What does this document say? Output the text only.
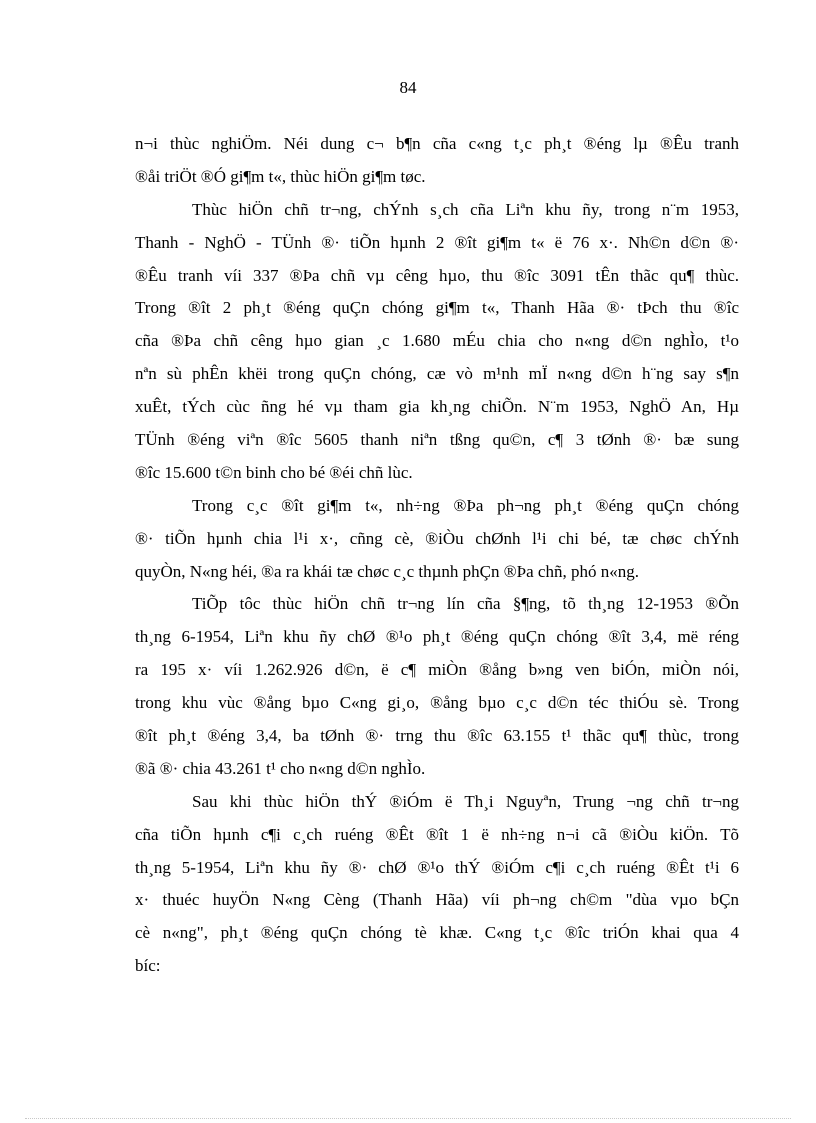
84
n¬i thùc nghiÖm. Néi dung c¬ b¶n cña c«ng t¸c ph¸t ®éng lµ ®Êu tranh
®åi triÖt ®Ó gi¶m t«, thùc hiÖn gi¶m tøc.
Thùc hiÖn chñ tr¬ng, chÝnh s¸ch cña Liªn khu ñy, trong n¨m 1953,
Thanh - NghÖ - TÜnh ®· tiÕn hµnh 2 ®ît gi¶m t« ë 76 x·. Nh©n d©n ®·
®Êu tranh víi 337 ®Þa chñ vµ cêng hµo, thu ®îc 3091 tÊn thãc qu¶ thùc.
Trong ®ît 2 ph¸t ®éng quÇn chóng gi¶m t«, Thanh Hãa ®· tÞch thu ®îc
cña ®Þa chñ cêng hµo gian ¸c 1.680 mÉu chia cho n«ng d©n nghÌo, t¹o
nªn sù phÊn khëi trong quÇn chóng, cæ vò m¹nh mÏ n«ng d©n h¨ng say s¶n
xuÊt, tÝch cùc ñng hé vµ tham gia kh¸ng chiÕn. N¨m 1953, NghÖ An, Hµ
TÜnh ®éng viªn ®îc 5605 thanh niªn tßng qu©n, c¶ 3 tØnh ®· bæ sung
®îc 15.600 t©n binh cho bé ®éi chñ lùc.
Trong c¸c ®ît gi¶m t«, nh÷ng ®Þa ph¬ng ph¸t ®éng quÇn chóng
®· tiÕn hµnh chia l¹i x·, cñng cè, ®iÒu chØnh l¹i chi bé, tæ chøc chÝnh
quyÒn, N«ng héi, ®a ra khái tæ chøc c¸c thµnh phÇn ®Þa chñ, phó n«ng.
TiÕp tôc thùc hiÖn chñ tr¬ng lín cña §¶ng, tõ th¸ng 12-1953 ®Õn
th¸ng 6-1954, Liªn khu ñy chØ ®¹o ph¸t ®éng quÇn chóng ®ît 3,4, më réng
ra 195 x· víi 1.262.926 d©n, ë c¶ miÒn ®ång b»ng ven biÓn, miÒn nói,
trong khu vùc ®ång bµo C«ng gi¸o, ®ång bµo c¸c d©n téc thiÓu sè. Trong
®ît ph¸t ®éng 3,4, ba tØnh ®· trng thu ®îc 63.155 t¹ thãc qu¶ thùc, trong
®ã ®· chia 43.261 t¹ cho n«ng d©n nghÌo.
Sau khi thùc hiÖn thÝ ®iÓm ë Th¸i Nguyªn, Trung ¬ng chñ tr¬ng
cña tiÕn hµnh c¶i c¸ch ruéng ®Êt ®ît 1 ë nh÷ng n¬i cã ®iÒu kiÖn. Tõ
th¸ng 5-1954, Liªn khu ñy ®· chØ ®¹o thÝ ®iÓm c¶i c¸ch ruéng ®Êt t¹i 6
x· thuéc huyÖn N«ng Cèng (Thanh Hãa) víi ph¬ng ch©m "dùa vµo bÇn
cè n«ng", ph¸t ®éng quÇn chóng tè khæ. C«ng t¸c ®îc triÓn khai qua 4
bíc:
